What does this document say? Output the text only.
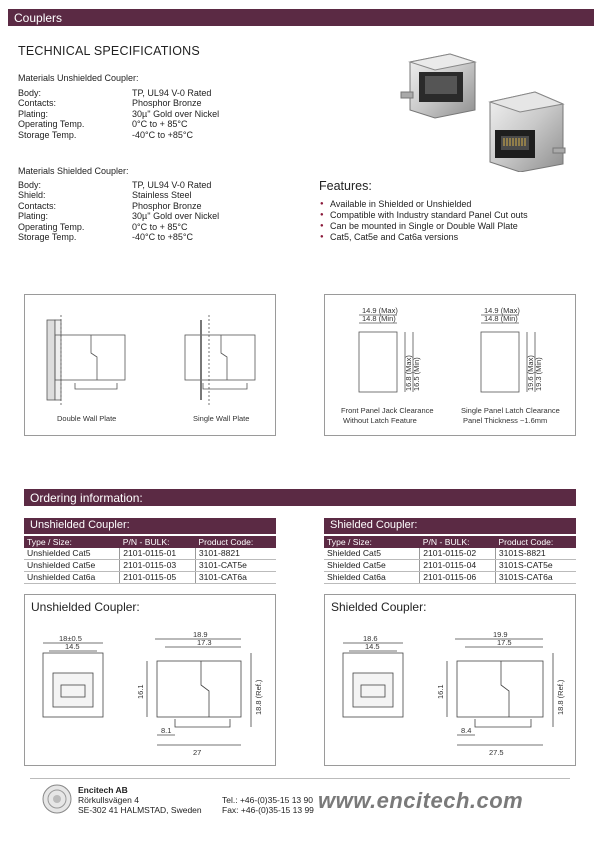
Couplers
TECHNICAL SPECIFICATIONS
Materials Unshielded Coupler:
Body:	TP, UL94 V-0 Rated
Contacts:	Phosphor Bronze
Plating:	30µ'' Gold over Nickel
Operating Temp.	0°C to + 85°C
Storage Temp.	-40°C to +85°C
Materials Shielded Coupler:
Body:	TP, UL94 V-0 Rated
Shield:	Stainless Steel
Contacts:	Phosphor Bronze
Plating:	30µ'' Gold over Nickel
Operating Temp.	0°C to + 85°C
Storage Temp.	-40°C to +85°C
Features:
● Available in Shielded or Unshielded
● Compatible with Industry standard Panel Cut outs
● Can be mounted in Single or Double Wall Plate
● Cat5, Cat5e and Cat6a versions
Double Wall Plate	Single Wall Plate
14.9 (Max)
14.8 (Min)
16.8 (Max) 16.5 (Min)
Front Panel Jack Clearance
Without Latch Feature
14.9 (Max)
14.8 (Min)
19.6 (Max) 19.3 (Min)
Single Panel Latch Clearance
Panel Thickness ~1.6mm
Ordering information:
Unshielded Coupler:
Type / Size:	P/N - BULK:	Product Code:
Unshielded Cat5	2101-0115-01	3101-8821
Unshielded Cat5e	2101-0115-03	3101-CAT5e
Unshielded Cat6a	2101-0115-05	3101-CAT6a
Shielded Coupler:
Type / Size:	P/N - BULK:	Product Code:
Shielded Cat5	2101-0115-02	3101S-8821
Shielded Cat5e	2101-0115-04	3101S-CAT5e
Shielded Cat6a	2101-0115-06	3101S-CAT6a
Unshielded Coupler:
18±0.5
14.5
18.9
17.3
16.1	18.8 (Ref.)
8.1
27
Shielded Coupler:
18.6
14.5
19.9
17.5
16.1	18.8 (Ref.)
8.4
27.5
Encitech AB
Rörkullsvägen 4
SE-302 41 HALMSTAD, Sweden
Tel.: +46-(0)35-15 13 90
Fax: +46-(0)35-15 13 99 www.encitech.com
